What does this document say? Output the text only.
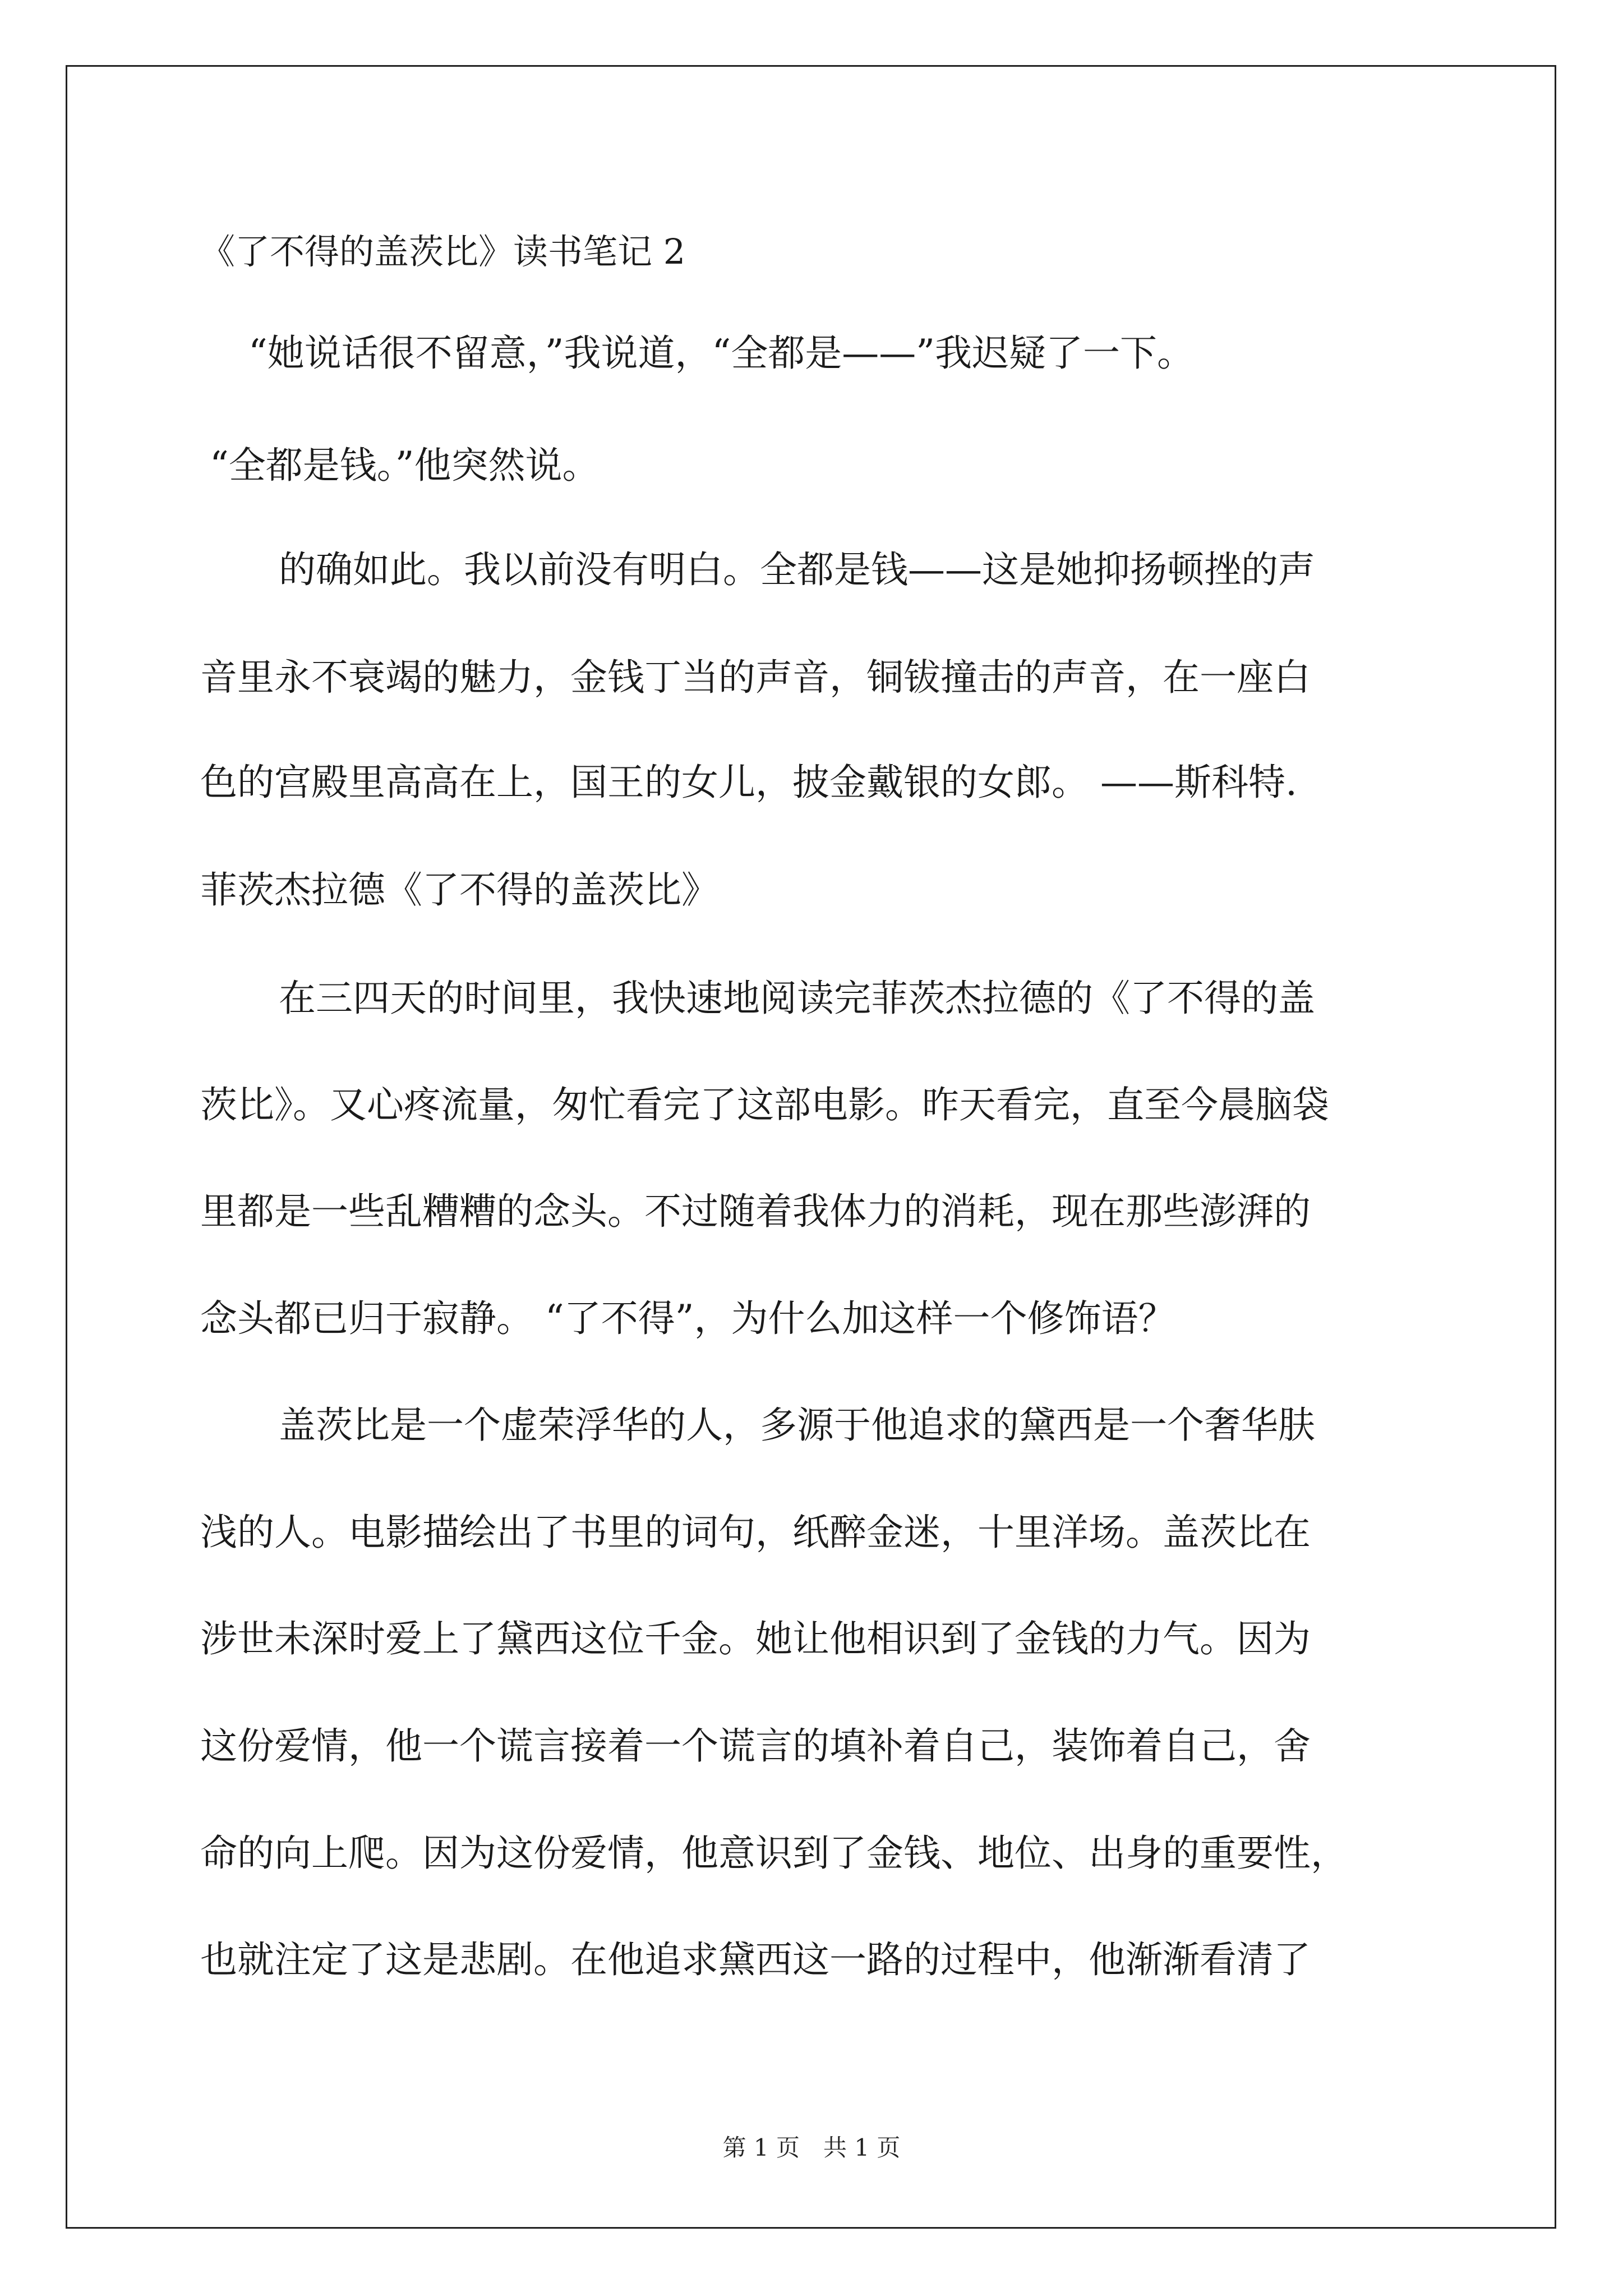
《了不得的盖茨比》读书笔记 2
“她说话很不留意，”我说道，“全都是——”我迟疑了一下。
“全都是钱。”他突然说。
的确如此。我以前没有明白。全都是钱——这是她抑扬顿挫的声
音里永不衰竭的魅力，金钱丁当的声音，铜钹撞击的声音，在一座白
色的宫殿里高高在上，国王的女儿，披金戴银的女郎。 ——斯科特.
菲茨杰拉德《了不得的盖茨比》
在三四天的时间里，我快速地阅读完菲茨杰拉德的《了不得的盖
茨比》。又心疼流量，匆忙看完了这部电影。昨天看完，直至今晨脑袋
里都是一些乱糟糟的念头。不过随着我体力的消耗，现在那些澎湃的
念头都已归于寂静。 “了不得”，为什么加这样一个修饰语？
盖茨比是一个虚荣浮华的人，多源于他追求的黛西是一个奢华肤
浅的人。电影描绘出了书里的词句，纸醉金迷，十里洋场。盖茨比在
涉世未深时爱上了黛西这位千金。她让他相识到了金钱的力气。因为
这份爱情，他一个谎言接着一个谎言的填补着自己，装饰着自己，舍
命的向上爬。因为这份爱情，他意识到了金钱、地位、出身的重要性，
也就注定了这是悲剧。在他追求黛西这一路的过程中，他渐渐看清了
第 1 页　共 1 页
